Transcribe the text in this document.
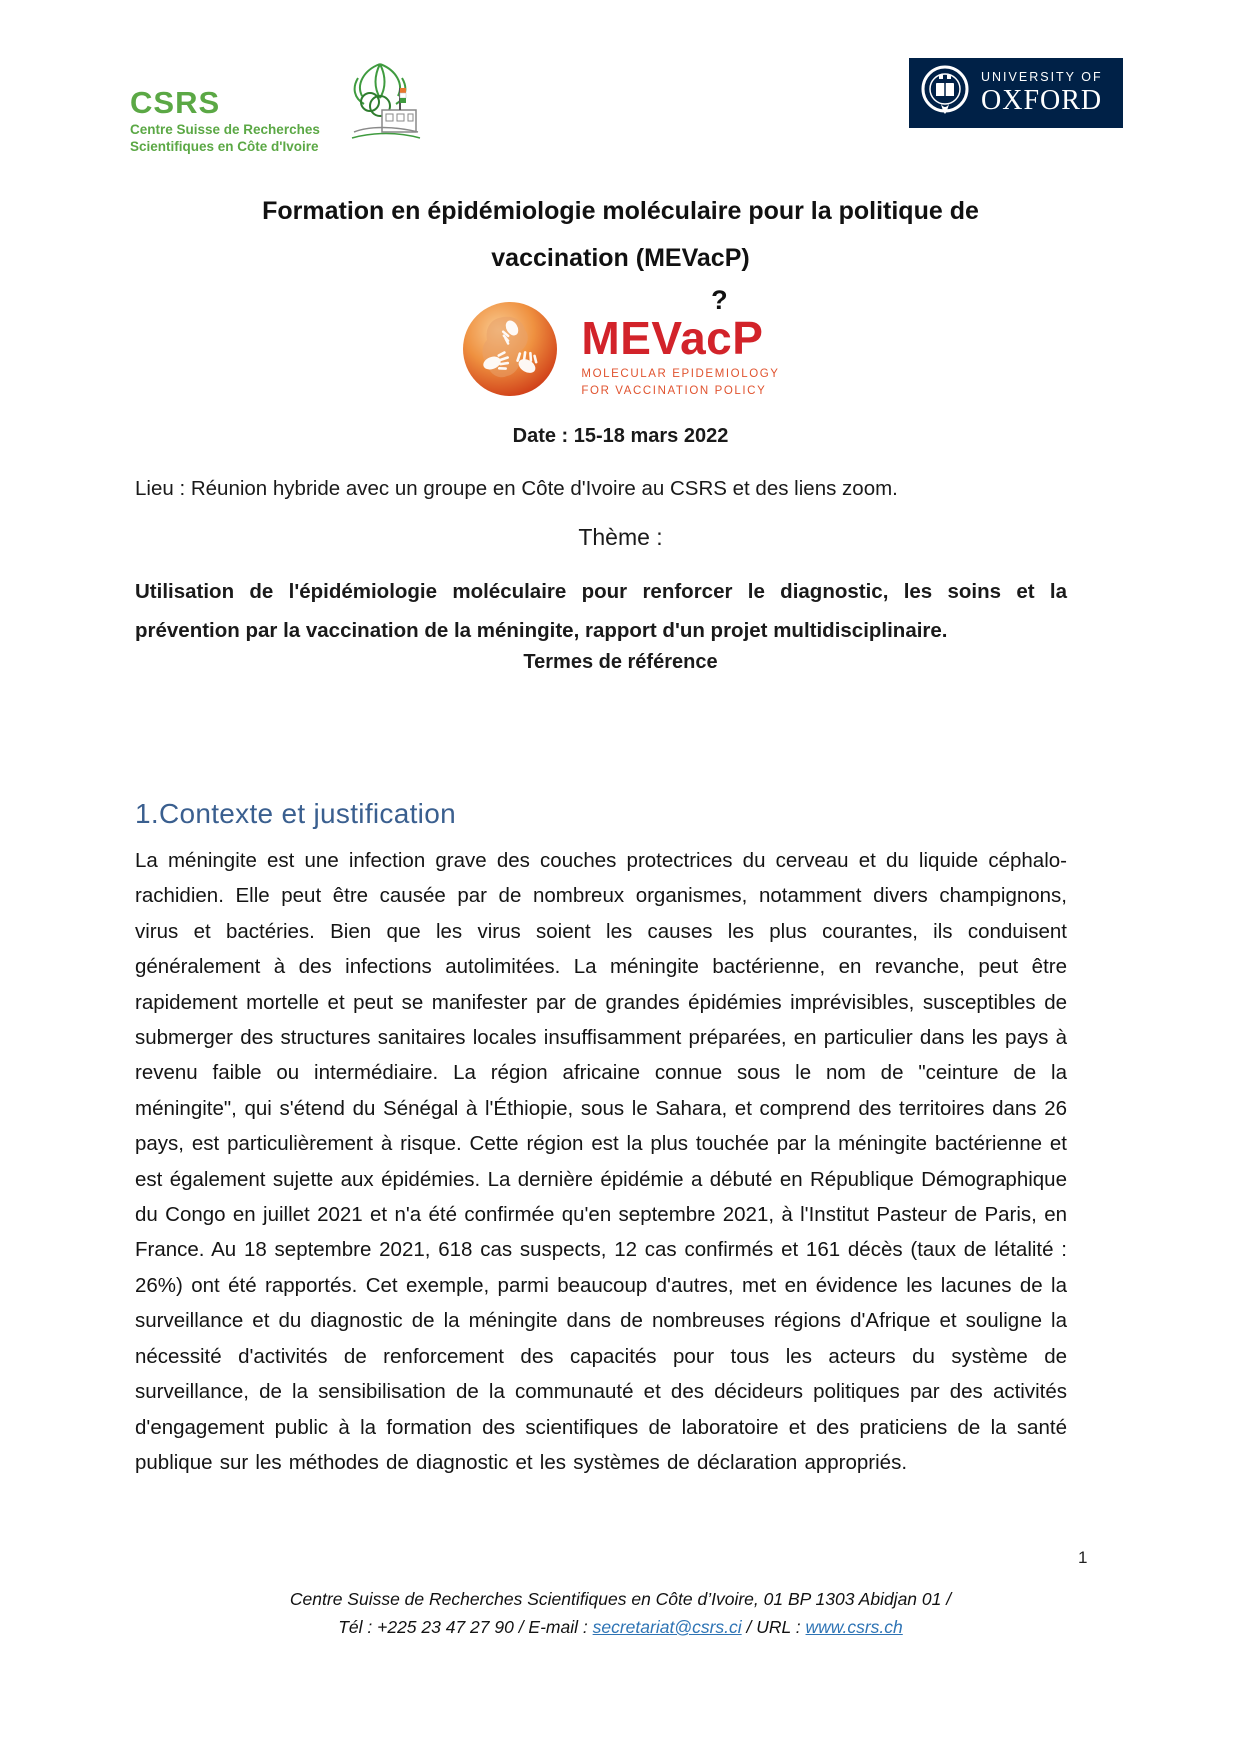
CSRS
Centre Suisse de Recherches
Scientifiques en Côte d'Ivoire
UNIVERSITY OF
OXFORD
Formation en épidémiologie moléculaire pour la politique de
vaccination (MEVacP)
?
MEVacP
MOLECULAR EPIDEMIOLOGY
FOR VACCINATION POLICY
Date : 15-18 mars 2022
Lieu : Réunion hybride avec un groupe en Côte d'Ivoire au CSRS et des liens zoom.
Thème :
Utilisation de l'épidémiologie moléculaire pour renforcer le diagnostic, les soins et la prévention par la vaccination de la méningite, rapport d'un projet multidisciplinaire.
Termes de référence
1.Contexte et justification
La méningite est une infection grave des couches protectrices du cerveau et du liquide céphalo-rachidien. Elle peut être causée par de nombreux organismes, notamment divers champignons, virus et bactéries. Bien que les virus soient les causes les plus courantes, ils conduisent généralement à des infections autolimitées. La méningite bactérienne, en revanche, peut être rapidement mortelle et peut se manifester par de grandes épidémies imprévisibles, susceptibles de submerger des structures sanitaires locales insuffisamment préparées, en particulier dans les pays à revenu faible ou intermédiaire. La région africaine connue sous le nom de "ceinture de la méningite", qui s'étend du Sénégal à l'Éthiopie, sous le Sahara, et comprend des territoires dans 26 pays, est particulièrement à risque. Cette région est la plus touchée par la méningite bactérienne et est également sujette aux épidémies. La dernière épidémie a débuté en République Démographique du Congo en juillet 2021 et n'a été confirmée qu'en septembre 2021, à l'Institut Pasteur de Paris, en France. Au 18 septembre 2021, 618 cas suspects, 12 cas confirmés et 161 décès (taux de létalité : 26%) ont été rapportés. Cet exemple, parmi beaucoup d'autres, met en évidence les lacunes de la surveillance et du diagnostic de la méningite dans de nombreuses régions d'Afrique et souligne la nécessité d'activités de renforcement des capacités pour tous les acteurs du système de surveillance, de la sensibilisation de la communauté et des décideurs politiques par des activités d'engagement public à la formation des scientifiques de laboratoire et des praticiens de la santé publique sur les méthodes de diagnostic et les systèmes de déclaration appropriés.
1
Centre Suisse de Recherches Scientifiques en Côte d’Ivoire, 01 BP 1303 Abidjan 01 /
Tél : +225 23 47 27 90 / E-mail : secretariat@csrs.ci / URL : www.csrs.ch
